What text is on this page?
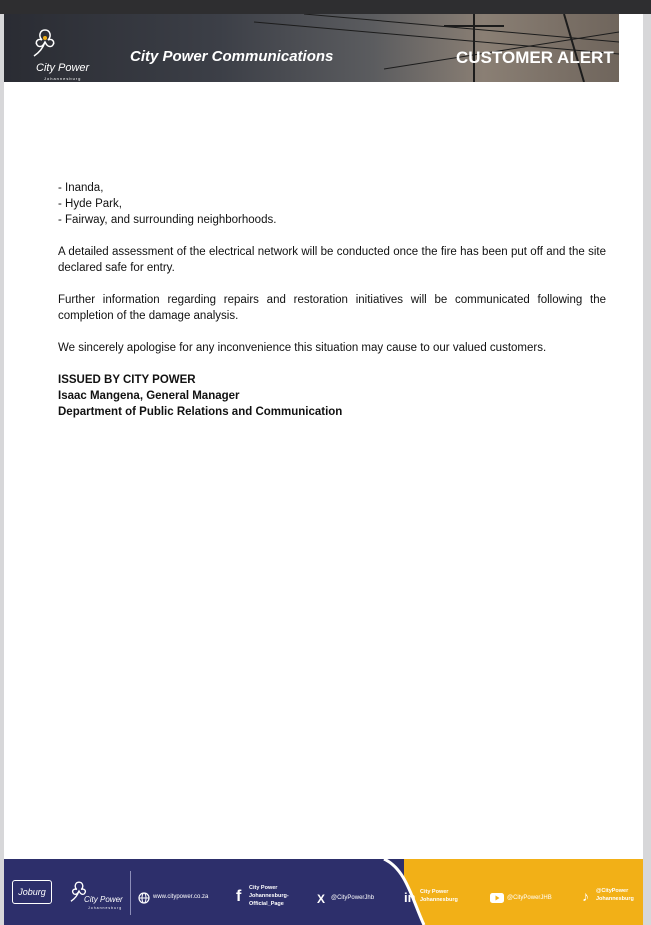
City Power
Johannesburg
City Power Communications	CUSTOMER ALERT

- Inanda,

- Hyde Park,

- Fairway, and surrounding neighborhoods.

A detailed assessment of the electrical network will be conducted once the fire has been put off and the site declared safe for entry.

Further information regarding repairs and restoration initiatives will be communicated following the completion of the damage analysis.

We sincerely apologise for any inconvenience this situation may cause to our valued customers.

ISSUED BY CITY POWER

Isaac Mangena, General Manager

Department of Public Relations and Communication

Joburg
City Power
Johannesburg
www.citypower.co.za f City Power
Johannesburg-
Official_Page	X @CityPowerJhb in City Power
Johannesburg	@CityPowerJHB ♪ @CityPower
Johannesburg
